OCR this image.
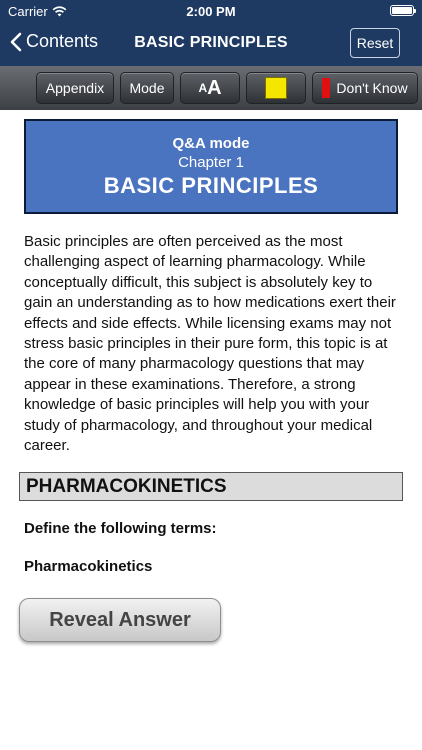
Carrier	2:00 PM
Contents	BASIC PRINCIPLES	Reset
Appendix	Mode	A A	Don't Know
Q&A mode
Chapter 1
BASIC PRINCIPLES

Basic principles are often perceived as the most challenging aspect of learning pharmacology. While conceptually difficult, this subject is absolutely key to gain an understanding as to how medications exert their effects and side effects. While licensing exams may not stress basic principles in their pure form, this topic is at the core of many pharmacology questions that may appear in these examinations. Therefore, a strong knowledge of basic principles will help you with your study of pharmacology, and throughout your medical career.

PHARMACOKINETICS
Define the following terms:
Pharmacokinetics
Reveal Answer
